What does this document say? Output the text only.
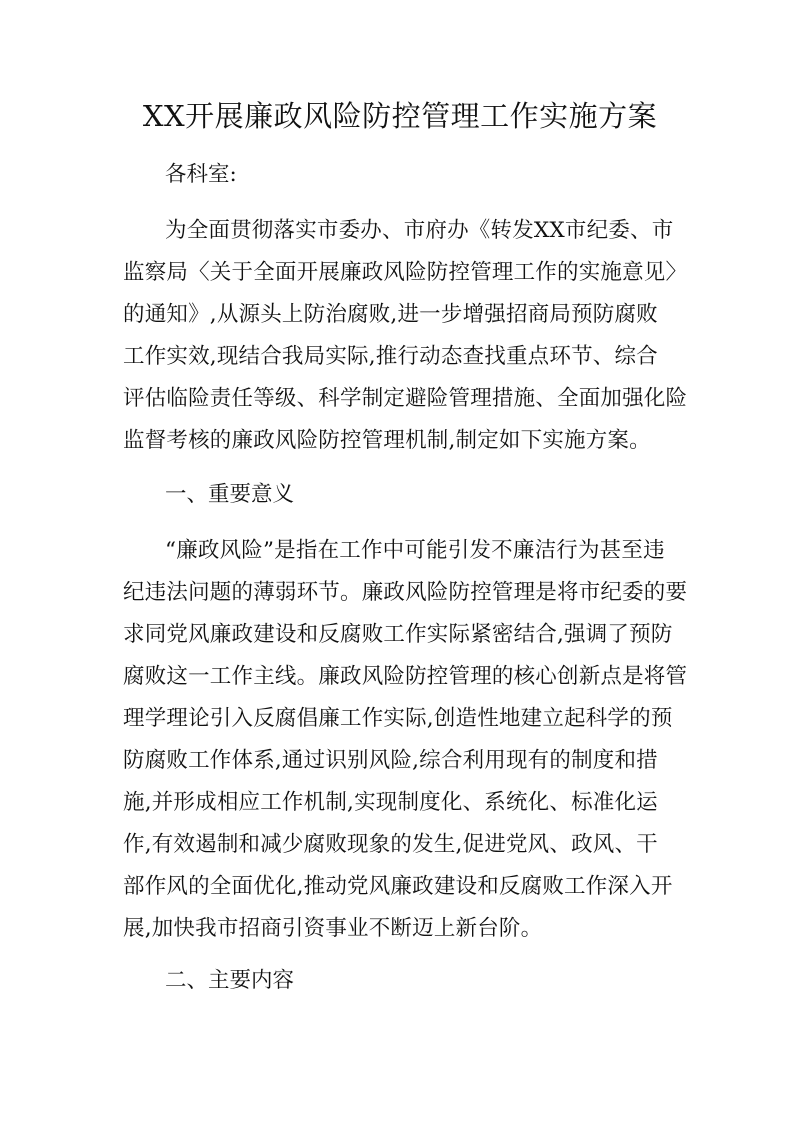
XX开展廉政风险防控管理工作实施方案
各科室:
为全面贯彻落实市委办、市府办《转发XX市纪委、市
监察局〈关于全面开展廉政风险防控管理工作的实施意见〉
的通知》,从源头上防治腐败,进一步增强招商局预防腐败
工作实效,现结合我局实际,推行动态查找重点环节、综合
评估临险责任等级、科学制定避险管理措施、全面加强化险
监督考核的廉政风险防控管理机制,制定如下实施方案。
一、重要意义
“廉政风险”是指在工作中可能引发不廉洁行为甚至违
纪违法问题的薄弱环节。廉政风险防控管理是将市纪委的要
求同党风廉政建设和反腐败工作实际紧密结合,强调了预防
腐败这一工作主线。廉政风险防控管理的核心创新点是将管
理学理论引入反腐倡廉工作实际,创造性地建立起科学的预
防腐败工作体系,通过识别风险,综合利用现有的制度和措
施,并形成相应工作机制,实现制度化、系统化、标准化运
作,有效遏制和减少腐败现象的发生,促进党风、政风、干
部作风的全面优化,推动党风廉政建设和反腐败工作深入开
展,加快我市招商引资事业不断迈上新台阶。
二、主要内容
